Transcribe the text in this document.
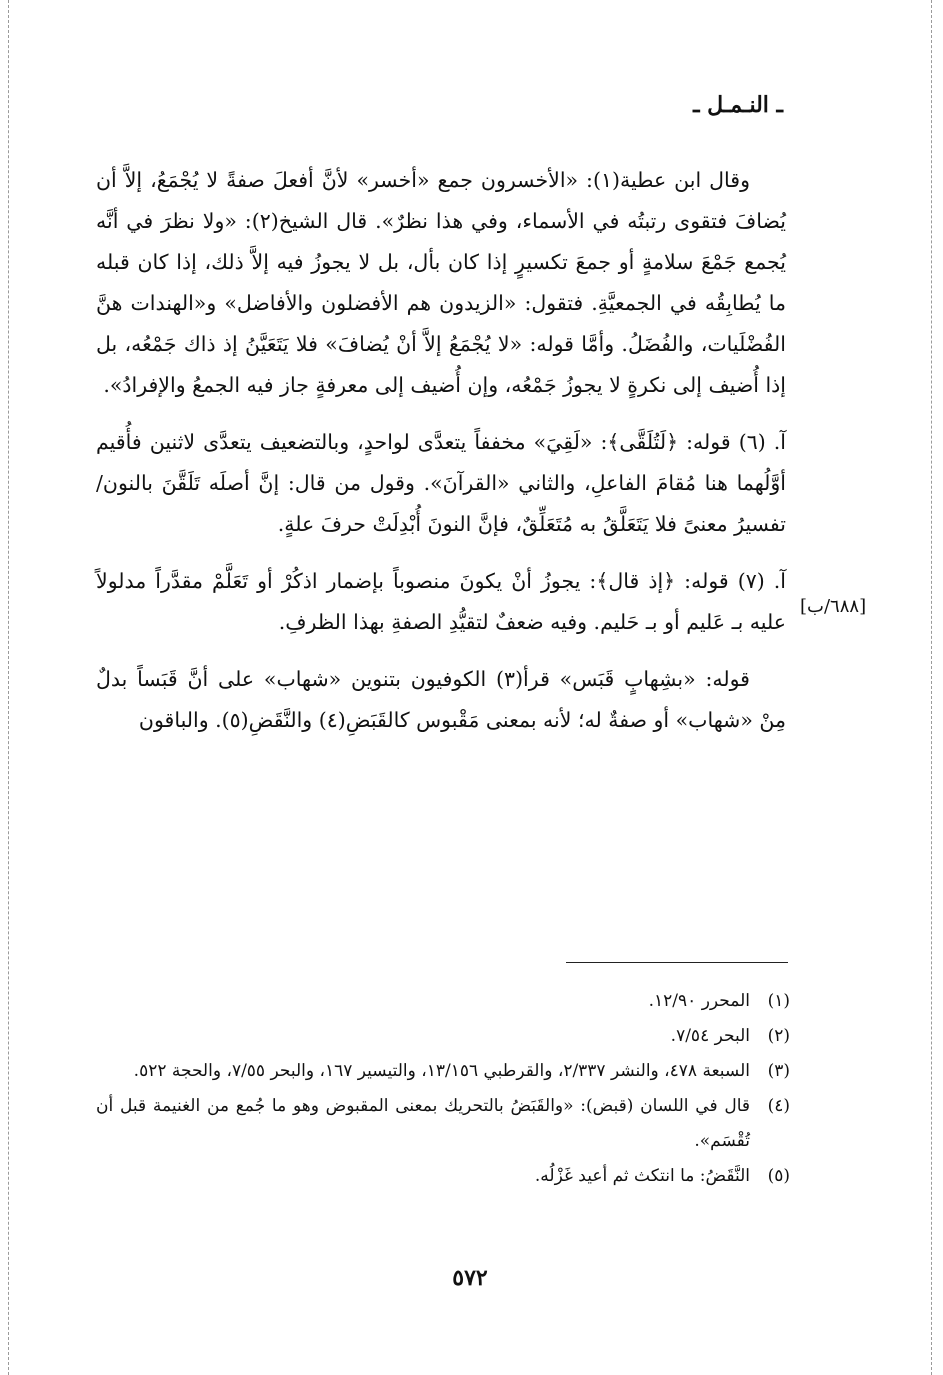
ـ النـمـل ـ

وقال ابن عطية(١): «الأخسرون جمع «أخسر» لأنَّ أفعلَ صفةً لا يُجْمَعُ، إلاَّ أن يُضافَ فتقوى رتبتُه في الأسماء، وفي هذا نظرٌ». قال الشيخ(٢): «ولا نظرَ في أنَّه يُجمع جَمْعَ سلامةٍ أو جمعَ تكسيرٍ إذا كان بأل، بل لا يجوزُ فيه إلاَّ ذلك، إذا كان قبله ما يُطابِقُه في الجمعيَّةِ. فتقول: «الزيدون هم الأفضلون والأفاضل» و«الهندات هنَّ الفُضْلَيات، والفُضَلُ. وأمَّا قوله: «لا يُجْمَعُ إلاَّ أنْ يُضافَ» فلا يَتَعَيَّنُ إذ ذاك جَمْعُه، بل إذا أُضيف إلى نكرةٍ لا يجوزُ جَمْعُه، وإن أُضيف إلى معرفةٍ جاز فيه الجمعُ والإفرادُ».

آ. (٦) قوله: ﴿لَتُلَقَّى﴾: «لَقِيَ» مخففاً يتعدَّى لواحدٍ، وبالتضعيف يتعدَّى لاثنين فأُقيم أوَّلُهما هنا مُقامَ الفاعلِ، والثاني «القرآنَ». وقول من قال: إنَّ أصلَه تَلَقَّنَ بالنون/ تفسيرُ معنىً فلا يَتَعَلَّقُ به مُتَعَلِّقٌ، فإنَّ النونَ أُبْدِلَتْ حرفَ علةٍ.

آ. (٧) قوله: ﴿إذ قال﴾: يجوزُ أنْ يكونَ منصوباً بإضمار اذكُرْ أو تَعَلَّمْ مقدَّراً مدلولاً عليه بـ عَليم أو بـ حَليم. وفيه ضعفٌ لتقيُّدِ الصفةِ بهذا الظرفِ.

قوله: «بشِهابٍ قَبَس» قرأ(٣) الكوفيون بتنوين «شهاب» على أنَّ قَبَساً بدلٌ مِنْ «شهاب» أو صفةٌ له؛ لأنه بمعنى مَقْبوس كالقَبَضِ(٤) والنَّقَضِ(٥). والباقون

[٦٨٨/ب]
(١)
المحرر ١٢/٩٠.
(٢)
البحر ٧/٥٤.
(٣)
السبعة ٤٧٨، والنشر ٢/٣٣٧، والقرطبي ١٣/١٥٦، والتيسير ١٦٧، والبحر ٧/٥٥، والحجة ٥٢٢.
(٤)
قال في اللسان (قبض): «والقَبَضُ بالتحريك بمعنى المقبوض وهو ما جُمع من الغنيمة قبل أن تُقْسَم».
(٥)
النَّقَضُ: ما انتكث ثم أعيد غَزْلُه.
٥٧٢
